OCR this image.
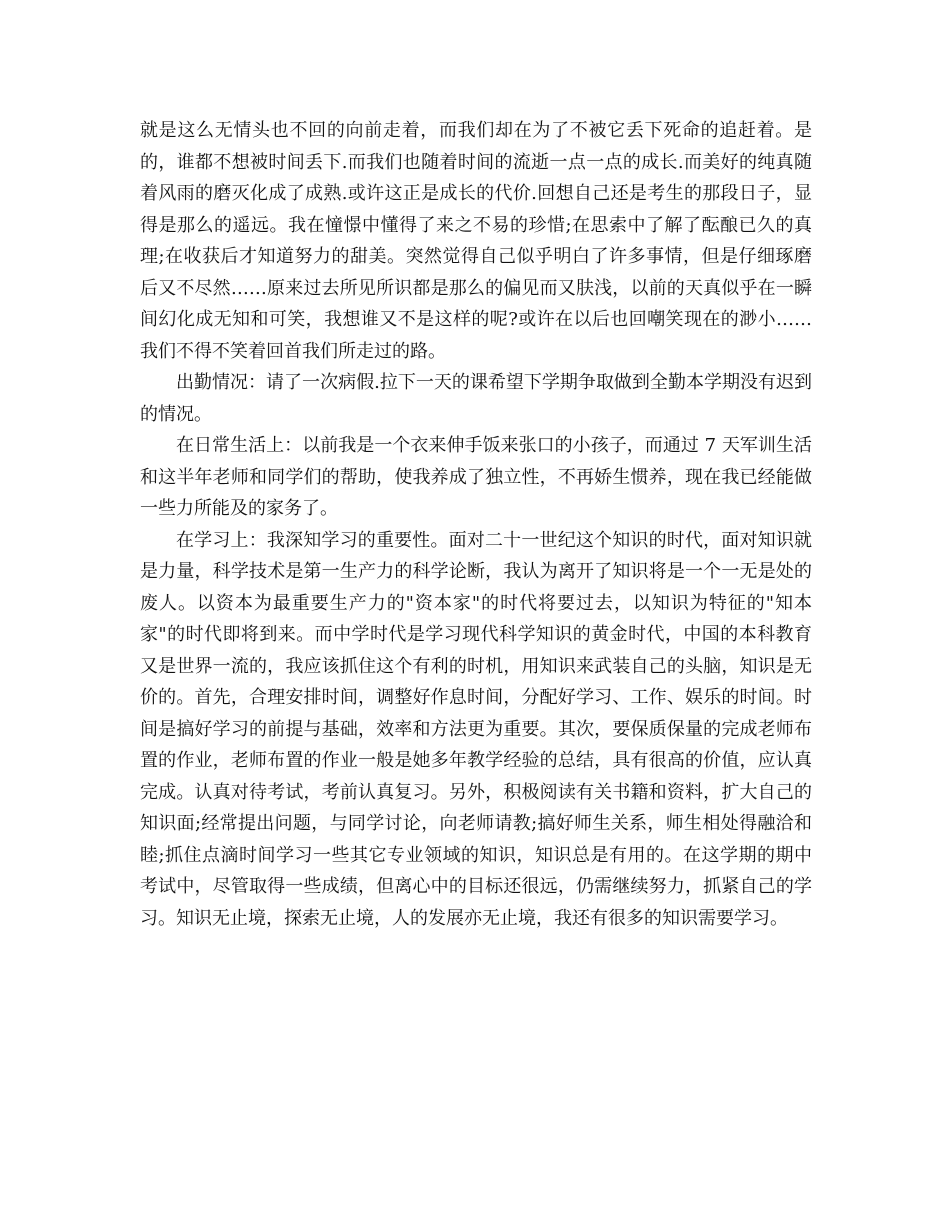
就是这么无情头也不回的向前走着，而我们却在为了不被它丢下死命的追赶着。是的，谁都不想被时间丢下.而我们也随着时间的流逝一点一点的成长.而美好的纯真随着风雨的磨灭化成了成熟.或许这正是成长的代价.回想自己还是考生的那段日子，显得是那么的遥远。我在憧憬中懂得了来之不易的珍惜;在思索中了解了酝酿已久的真理;在收获后才知道努力的甜美。突然觉得自己似乎明白了许多事情，但是仔细琢磨后又不尽然……原来过去所见所识都是那么的偏见而又肤浅，以前的天真似乎在一瞬间幻化成无知和可笑，我想谁又不是这样的呢?或许在以后也回嘲笑现在的渺小……我们不得不笑着回首我们所走过的路。

出勤情况：请了一次病假.拉下一天的课希望下学期争取做到全勤本学期没有迟到的情况。

在日常生活上：以前我是一个衣来伸手饭来张口的小孩子，而通过 7 天军训生活和这半年老师和同学们的帮助，使我养成了独立性，不再娇生惯养，现在我已经能做一些力所能及的家务了。

在学习上：我深知学习的重要性。面对二十一世纪这个知识的时代，面对知识就是力量，科学技术是第一生产力的科学论断，我认为离开了知识将是一个一无是处的废人。以资本为最重要生产力的"资本家"的时代将要过去，以知识为特征的"知本家"的时代即将到来。而中学时代是学习现代科学知识的黄金时代，中国的本科教育又是世界一流的，我应该抓住这个有利的时机，用知识来武装自己的头脑，知识是无价的。首先，合理安排时间，调整好作息时间，分配好学习、工作、娱乐的时间。时间是搞好学习的前提与基础，效率和方法更为重要。其次，要保质保量的完成老师布置的作业，老师布置的作业一般是她多年教学经验的总结，具有很高的价值，应认真完成。认真对待考试，考前认真复习。另外，积极阅读有关书籍和资料，扩大自己的知识面;经常提出问题，与同学讨论，向老师请教;搞好师生关系，师生相处得融洽和睦;抓住点滴时间学习一些其它专业领域的知识，知识总是有用的。在这学期的期中考试中，尽管取得一些成绩，但离心中的目标还很远，仍需继续努力，抓紧自己的学习。知识无止境，探索无止境，人的发展亦无止境，我还有很多的知识需要学习。
